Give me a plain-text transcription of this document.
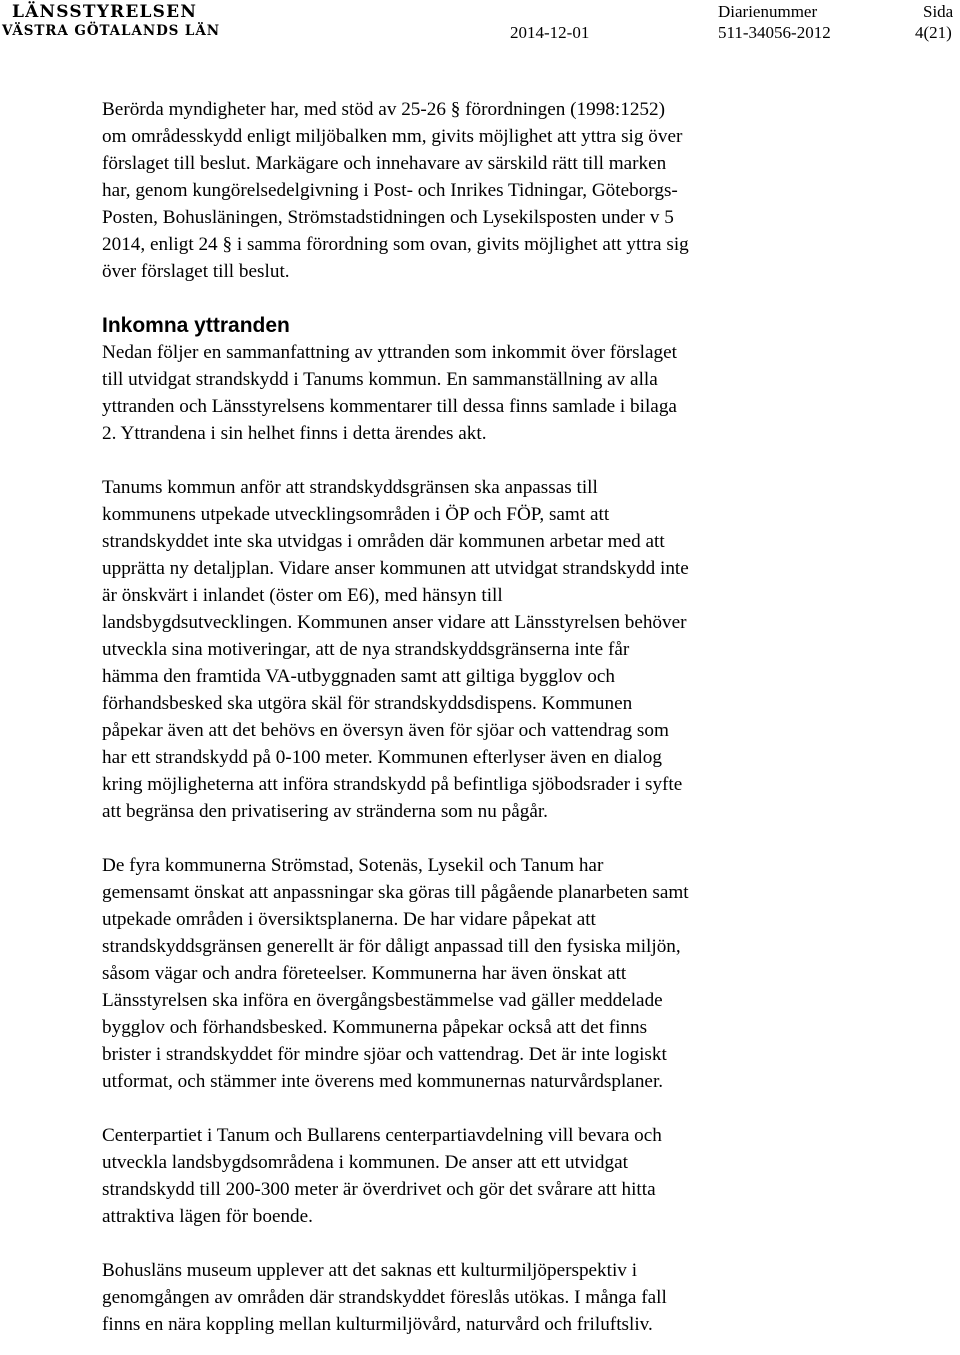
LÄNSSTYRELSEN
VÄSTRA GÖTALANDS LÄN	2014-12-01
Diarienummer
511-34056-2012
Sida
4(21)

Berörda myndigheter har, med stöd av 25-26 § förordningen (1998:1252)
om områdesskydd enligt miljöbalken mm, givits möjlighet att yttra sig över
förslaget till beslut. Markägare och innehavare av särskild rätt till marken
har, genom kungörelsedelgivning i Post- och Inrikes Tidningar, Göteborgs-
Posten, Bohusläningen, Strömstadstidningen och Lysekilsposten under v 5
2014, enligt 24 § i samma förordning som ovan, givits möjlighet att yttra sig
över förslaget till beslut.

Inkomna yttranden

Nedan följer en sammanfattning av yttranden som inkommit över förslaget
till utvidgat strandskydd i Tanums kommun. En sammanställning av alla
yttranden och Länsstyrelsens kommentarer till dessa finns samlade i bilaga
2. Yttrandena i sin helhet finns i detta ärendes akt.

Tanums kommun anför att strandskyddsgränsen ska anpassas till
kommunens utpekade utvecklingsområden i ÖP och FÖP, samt att
strandskyddet inte ska utvidgas i områden där kommunen arbetar med att
upprätta ny detaljplan. Vidare anser kommunen att utvidgat strandskydd inte
är önskvärt i inlandet (öster om E6), med hänsyn till
landsbygdsutvecklingen. Kommunen anser vidare att Länsstyrelsen behöver
utveckla sina motiveringar, att de nya strandskyddsgränserna inte får
hämma den framtida VA-utbyggnaden samt att giltiga bygglov och
förhandsbesked ska utgöra skäl för strandskyddsdispens. Kommunen
påpekar även att det behövs en översyn även för sjöar och vattendrag som
har ett strandskydd på 0-100 meter. Kommunen efterlyser även en dialog
kring möjligheterna att införa strandskydd på befintliga sjöbodsrader i syfte
att begränsa den privatisering av stränderna som nu pågår.

De fyra kommunerna Strömstad, Sotenäs, Lysekil och Tanum har
gemensamt önskat att anpassningar ska göras till pågående planarbeten samt
utpekade områden i översiktsplanerna. De har vidare påpekat att
strandskyddsgränsen generellt är för dåligt anpassad till den fysiska miljön,
såsom vägar och andra företeelser. Kommunerna har även önskat att
Länsstyrelsen ska införa en övergångsbestämmelse vad gäller meddelade
bygglov och förhandsbesked. Kommunerna påpekar också att det finns
brister i strandskyddet för mindre sjöar och vattendrag. Det är inte logiskt
utformat, och stämmer inte överens med kommunernas naturvårdsplaner.

Centerpartiet i Tanum och Bullarens centerpartiavdelning vill bevara och
utveckla landsbygdsområdena i kommunen. De anser att ett utvidgat
strandskydd till 200-300 meter är överdrivet och gör det svårare att hitta
attraktiva lägen för boende.

Bohusläns museum upplever att det saknas ett kulturmiljöperspektiv i
genomgången av områden där strandskyddet föreslås utökas. I många fall
finns en nära koppling mellan kulturmiljövård, naturvård och friluftsliv.
